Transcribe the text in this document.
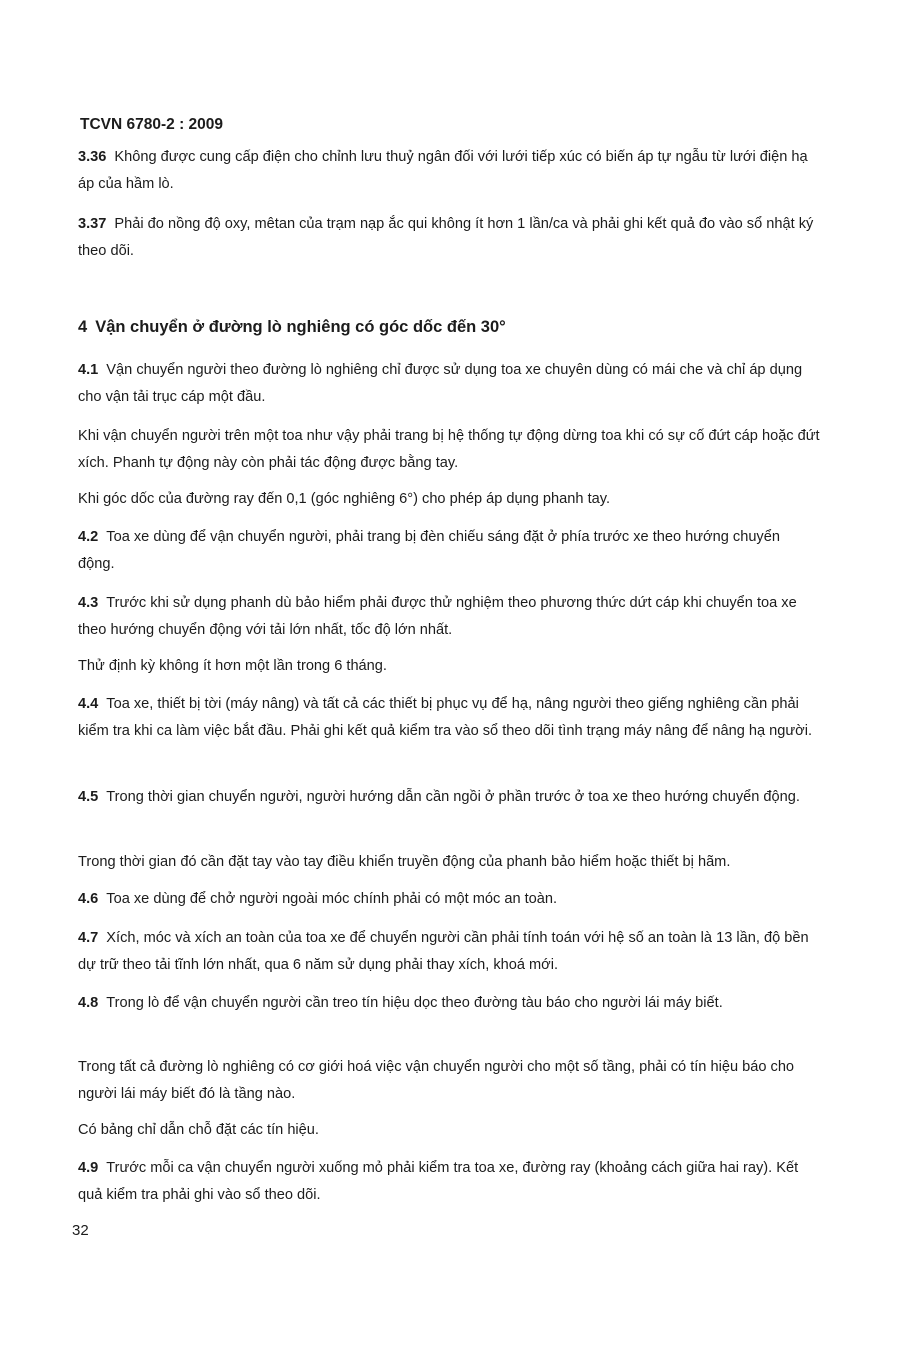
TCVN 6780-2 : 2009

3.36 Không được cung cấp điện cho chỉnh lưu thuỷ ngân đối với lưới tiếp xúc có biến áp tự ngẫu từ lưới điện hạ áp của hầm lò.

3.37 Phải đo nồng độ oxy, mêtan của trạm nạp ắc qui không ít hơn 1 lần/ca và phải ghi kết quả đo vào sổ nhật ký theo dõi.

4 Vận chuyển ở đường lò nghiêng có góc dốc đến 30°

4.1 Vận chuyển người theo đường lò nghiêng chỉ được sử dụng toa xe chuyên dùng có mái che và chỉ áp dụng cho vận tải trục cáp một đầu.

Khi vận chuyển người trên một toa như vậy phải trang bị hệ thống tự động dừng toa khi có sự cố đứt cáp hoặc đứt xích. Phanh tự động này còn phải tác động được bằng tay.

Khi góc dốc của đường ray đến 0,1 (góc nghiêng 6°) cho phép áp dụng phanh tay.

4.2 Toa xe dùng để vận chuyển người, phải trang bị đèn chiếu sáng đặt ở phía trước xe theo hướng chuyển động.

4.3 Trước khi sử dụng phanh dù bảo hiểm phải được thử nghiệm theo phương thức dứt cáp khi chuyển toa xe theo hướng chuyển động với tải lớn nhất, tốc độ lớn nhất.

Thử định kỳ không ít hơn một lần trong 6 tháng.

4.4 Toa xe, thiết bị tời (máy nâng) và tất cả các thiết bị phục vụ để hạ, nâng người theo giếng nghiêng cần phải kiểm tra khi ca làm việc bắt đầu. Phải ghi kết quả kiểm tra vào sổ theo dõi tình trạng máy nâng để nâng hạ người.

4.5 Trong thời gian chuyển người, người hướng dẫn cần ngồi ở phần trước ở toa xe theo hướng chuyển động.

Trong thời gian đó cần đặt tay vào tay điều khiển truyền động của phanh bảo hiểm hoặc thiết bị hãm.

4.6 Toa xe dùng để chở người ngoài móc chính phải có một móc an toàn.

4.7 Xích, móc và xích an toàn của toa xe để chuyển người cần phải tính toán với hệ số an toàn là 13 lần, độ bền dự trữ theo tải tĩnh lớn nhất, qua 6 năm sử dụng phải thay xích, khoá mới.

4.8 Trong lò để vận chuyển người cần treo tín hiệu dọc theo đường tàu báo cho người lái máy biết.

Trong tất cả đường lò nghiêng có cơ giới hoá việc vận chuyển người cho một số tầng, phải có tín hiệu báo cho người lái máy biết đó là tầng nào.

Có bảng chỉ dẫn chỗ đặt các tín hiệu.

4.9 Trước mỗi ca vận chuyển người xuống mỏ phải kiểm tra toa xe, đường ray (khoảng cách giữa hai ray). Kết quả kiểm tra phải ghi vào sổ theo dõi.

32
